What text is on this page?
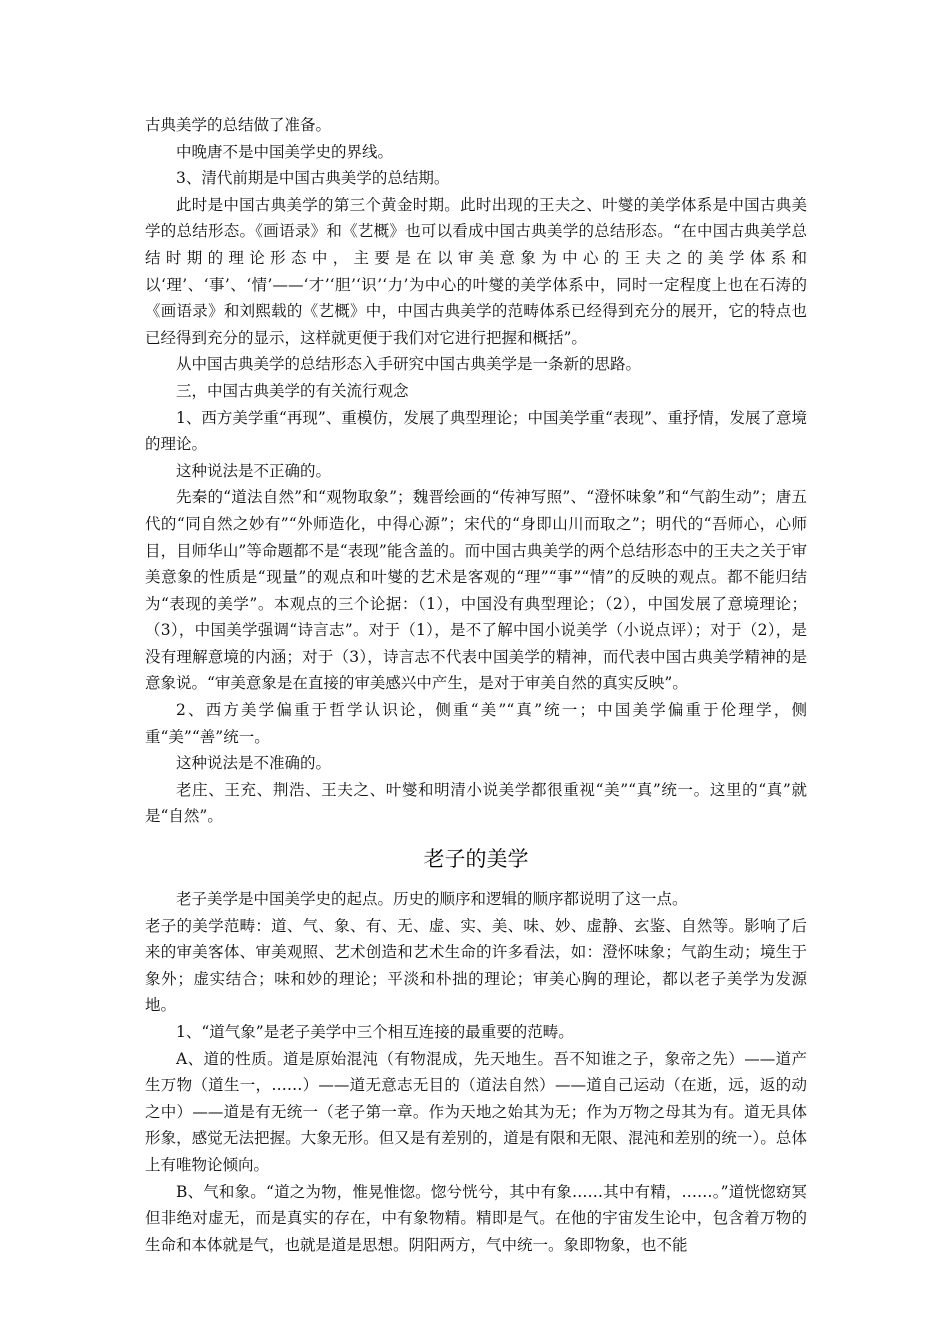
古典美学的总结做了准备。

中晚唐不是中国美学史的界线。

3、清代前期是中国古典美学的总结期。

此时是中国古典美学的第三个黄金时期。此时出现的王夫之、叶燮的美学体系是中国古典美学的总结形态。《画语录》和《艺概》也可以看成中国古典美学的总结形态。“在中国古典美学总结时期的理论形态中，主要是在以审美意象为中心的王夫之的美学体系和以‘理’、‘事’、‘情’——‘才’‘胆’‘识’‘力’为中心的叶燮的美学体系中，同时一定程度上也在石涛的《画语录》和刘熙载的《艺概》中，中国古典美学的范畴体系已经得到充分的展开，它的特点也已经得到充分的显示，这样就更便于我们对它进行把握和概括”。

从中国古典美学的总结形态入手研究中国古典美学是一条新的思路。

三，中国古典美学的有关流行观念

1、西方美学重“再现”、重模仿，发展了典型理论；中国美学重“表现”、重抒情，发展了意境的理论。

这种说法是不正确的。

先秦的“道法自然”和“观物取象”；魏晋绘画的“传神写照”、“澄怀味象”和“气韵生动”；唐五代的“同自然之妙有”“外师造化，中得心源”；宋代的“身即山川而取之”；明代的“吾师心，心师目，目师华山”等命题都不是“表现”能含盖的。而中国古典美学的两个总结形态中的王夫之关于审美意象的性质是“现量”的观点和叶燮的艺术是客观的“理”“事”“情”的反映的观点。都不能归结为“表现的美学”。本观点的三个论据：（1），中国没有典型理论；（2），中国发展了意境理论；（3），中国美学强调“诗言志”。对于（1），是不了解中国小说美学（小说点评）；对于（2），是没有理解意境的内涵；对于（3），诗言志不代表中国美学的精神，而代表中国古典美学精神的是意象说。“审美意象是在直接的审美感兴中产生，是对于审美自然的真实反映”。

2、西方美学偏重于哲学认识论，侧重“美”“真”统一；中国美学偏重于伦理学，侧重“美”“善”统一。

这种说法是不准确的。

老庄、王充、荆浩、王夫之、叶燮和明清小说美学都很重视“美”“真”统一。这里的“真”就是“自然”。

老子的美学

老子美学是中国美学史的起点。历史的顺序和逻辑的顺序都说明了这一点。

老子的美学范畴：道、气、象、有、无、虚、实、美、味、妙、虚静、玄鉴、自然等。影响了后来的审美客体、审美观照、艺术创造和艺术生命的许多看法，如：澄怀味象；气韵生动；境生于象外；虚实结合；味和妙的理论；平淡和朴拙的理论；审美心胸的理论，都以老子美学为发源地。

1、“道气象”是老子美学中三个相互连接的最重要的范畴。

A、道的性质。道是原始混沌（有物混成，先天地生。吾不知谁之子，象帝之先）——道产生万物（道生一，……）——道无意志无目的（道法自然）——道自己运动（在逝，远，返的动之中）——道是有无统一（老子第一章。作为天地之始其为无；作为万物之母其为有。道无具体形象，感觉无法把握。大象无形。但又是有差别的，道是有限和无限、混沌和差别的统一）。总体上有唯物论倾向。

B、气和象。“道之为物，惟晃惟惚。惚兮恍兮，其中有象……其中有精，……。”道恍惚窈冥但非绝对虚无，而是真实的存在，中有象物精。精即是气。在他的宇宙发生论中，包含着万物的生命和本体就是气，也就是道是思想。阴阳两方，气中统一。象即物象，也不能
